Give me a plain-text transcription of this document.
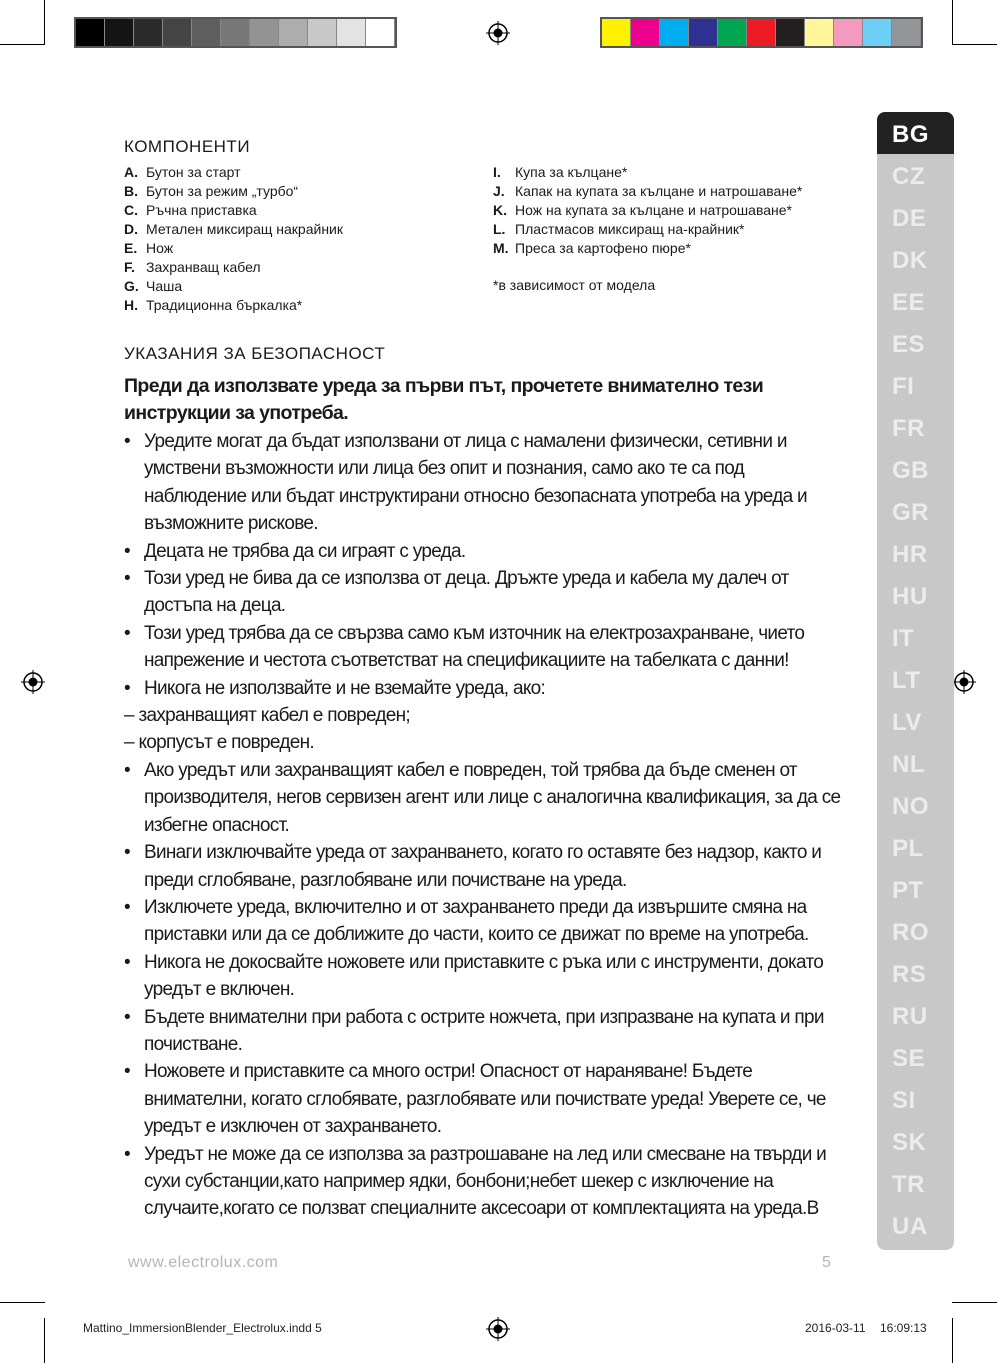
КОМПОНЕНТИ
A. Бутон за старт
B. Бутон за режим „турбо“
C. Ръчна приставка
D. Метален миксиращ накрайник
E. Нож
F. Захранващ кабел
G. Чаша
H. Традиционна бъркалка*
I.	Купа за кълцане*
J. Капак на купата за кълцане и натрошаване*
K. Нож на купата за кълцане и натрошаване*
L. Пластмасов миксиращ на-крайник*
M. Преса за картофено пюре*
*в зависимост от модела
УКАЗАНИЯ ЗА БЕЗОПАСНОСТ
Преди да използвате уреда за първи път, прочетете внимателно тези инструкции за употреба.
• Уредите могат да бъдат използвани от лица с намалени физически, сетивни и умствени възможности или лица без опит и познания, само ако те са под наблюдение или бъдат инструктирани относно безопасната употреба на уреда и възможните рискове.
• Децата не трябва да си играят с уреда.
• Този уред не бива да се използва от деца. Дръжте уреда и кабела му далеч от достъпа на деца.
• Този уред трябва да се свързва само към източник на електрозахранване, чието напрежение и честота съответстват на спецификациите на табелката с данни!
• Никога не използвайте и не вземайте уреда, ако:
– захранващият кабел е повреден;
– корпусът е повреден.
• Ако уредът или захранващият кабел е повреден, той трябва да бъде сменен от производителя, негов сервизен агент или лице с аналогична квалификация, за да се избегне опасност.
• Винаги изключвайте уреда от захранването, когато го оставяте без надзор, както и преди сглобяване, разглобяване или почистване на уреда.
• Изключете уреда, включително и от захранването преди да извършите смяна на приставки или да се доближите до части, които се движат по време на употреба.
• Никога не докосвайте ножовете или приставките с ръка или с инструменти, докато уредът е включен.
• Бъдете внимателни при работа с острите ножчета, при изпразване на купата и при почистване.
• Ножовете и приставките са много остри! Опасност от нараняване! Бъдете внимателни, когато сглобявате, разглобявате или почиствате уреда! Уверете се, че уредът е изключен от захранването.
• Уредът не може да се използва за разтрошаване на лед или смесване на твърди и сухи субстанции,като например ядки, бонбони;небет шекер с изключение на случаите,когато се ползват специалните аксесоари от комплектацията на уреда.В
BG
CZ
DE
DK
EE
ES
FI
FR
GB
GR
HR
HU
IT
LT
LV
NL
NO
PL
PT
RO
RS
RU
SE
SI
SK
TR
UA
www.electrolux.com	5
Mattino_ImmersionBlender_Electrolux.indd 5	2016-03-11 16:09:13
